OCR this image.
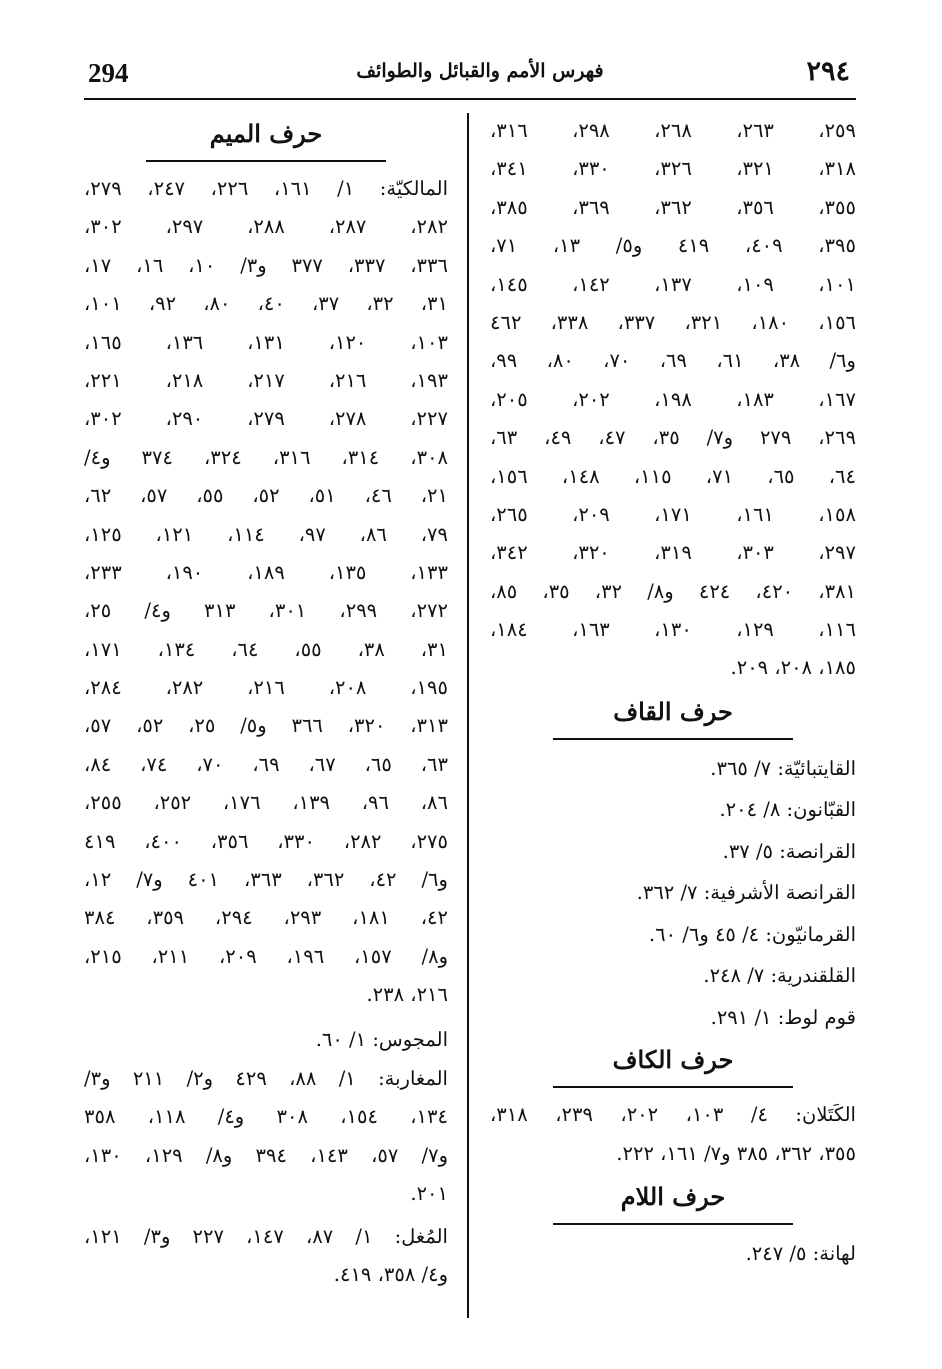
294	فهرس الأمم والقبائل والطوائف	٢٩٤
٢٥٩، ٢٦٣، ٢٦٨، ٢٩٨، ٣١٦،
٣١٨، ٣٢١، ٣٢٦، ٣٣٠، ٣٤١،
٣٥٥، ٣٥٦، ٣٦٢، ٣٦٩، ٣٨٥،
٣٩٥، ٤٠٩، ٤١٩ و٥/ ١٣، ٧١،
١٠١، ١٠٩، ١٣٧، ١٤٢، ١٤٥،
١٥٦، ١٨٠، ٣٢١، ٣٣٧، ٣٣٨، ٤٦٢
و٦/ ٣٨، ٦١، ٦٩، ٧٠، ٨٠، ٩٩،
١٦٧، ١٨٣، ١٩٨، ٢٠٢، ٢٠٥،
٢٦٩، ٢٧٩ و٧/ ٣٥، ٤٧، ٤٩، ٦٣،
٦٤، ٦٥، ٧١، ١١٥، ١٤٨، ١٥٦،
١٥٨، ١٦١، ١٧١، ٢٠٩، ٢٦٥،
٢٩٧، ٣٠٣، ٣١٩، ٣٢٠، ٣٤٢،
٣٨١، ٤٢٠، ٤٢٤ و٨/ ٣٢، ٣٥، ٨٥،
١١٦، ١٢٩، ١٣٠، ١٦٣، ١٨٤،
١٨٥، ٢٠٨، ٢٠٩.
حرف القاف
القايتبائيّة: ٧/ ٣٦٥.
القبّانون: ٨/ ٢٠٤.
القرانصة: ٥/ ٣٧.
القرانصة الأشرفية: ٧/ ٣٦٢.
القرمانيّون: ٤/ ٤٥ و٦/ ٦٠.
القلقندرية: ٧/ ٢٤٨.
قوم لوط: ١/ ٢٩١.
حرف الكاف
الكَتَلان: ٤/ ١٠٣، ٢٠٢، ٢٣٩، ٣١٨،
٣٥٥، ٣٦٢، ٣٨٥ و٧/ ١٦١، ٢٢٢.
حرف اللام
لهانة: ٥/ ٢٤٧.
حرف الميم
المالكيّة: ١/ ١٦١، ٢٢٦، ٢٤٧، ٢٧٩،
٢٨٢، ٢٨٧، ٢٨٨، ٢٩٧، ٣٠٢،
٣٣٦، ٣٣٧، ٣٧٧ و٣/ ١٠، ١٦، ١٧،
٣١، ٣٢، ٣٧، ٤٠، ٨٠، ٩٢، ١٠١،
١٠٣، ١٢٠، ١٣١، ١٣٦، ١٦٥،
١٩٣، ٢١٦، ٢١٧، ٢١٨، ٢٢١،
٢٢٧، ٢٧٨، ٢٧٩، ٢٩٠، ٣٠٢،
٣٠٨، ٣١٤، ٣١٦، ٣٢٤، ٣٧٤ و٤/
٢١، ٤٦، ٥١، ٥٢، ٥٥، ٥٧، ٦٢،
٧٩، ٨٦، ٩٧، ١١٤، ١٢١، ١٢٥،
١٣٣، ١٣٥، ١٨٩، ١٩٠، ٢٣٣،
٢٧٢، ٢٩٩، ٣٠١، ٣١٣ و٤/ ٢٥،
٣١، ٣٨، ٥٥، ٦٤، ١٣٤، ١٧١،
١٩٥، ٢٠٨، ٢١٦، ٢٨٢، ٢٨٤،
٣١٣، ٣٢٠، ٣٦٦ و٥/ ٢٥، ٥٢، ٥٧،
٦٣، ٦٥، ٦٧، ٦٩، ٧٠، ٧٤، ٨٤،
٨٦، ٩٦، ١٣٩، ١٧٦، ٢٥٢، ٢٥٥،
٢٧٥، ٢٨٢، ٣٣٠، ٣٥٦، ٤٠٠، ٤١٩
و٦/ ٤٢، ٣٦٢، ٣٦٣، ٤٠١ و٧/ ١٢،
٤٢، ١٨١، ٢٩٣، ٢٩٤، ٣٥٩، ٣٨٤
و٨/ ١٥٧، ١٩٦، ٢٠٩، ٢١١، ٢١٥،
٢١٦، ٢٣٨.
المجوس: ١/ ٦٠.
المغاربة: ١/ ٨٨، ٤٢٩ و٢/ ٢١١ و٣/
١٣٤، ١٥٤، ٣٠٨ و٤/ ١١٨، ٣٥٨
و٧/ ٥٧، ١٤٣، ٣٩٤ و٨/ ١٢٩، ١٣٠،
٢٠١.
المُغل: ١/ ٨٧، ١٤٧، ٢٢٧ و٣/ ١٢١،
و٤/ ٣٥٨، ٤١٩.
